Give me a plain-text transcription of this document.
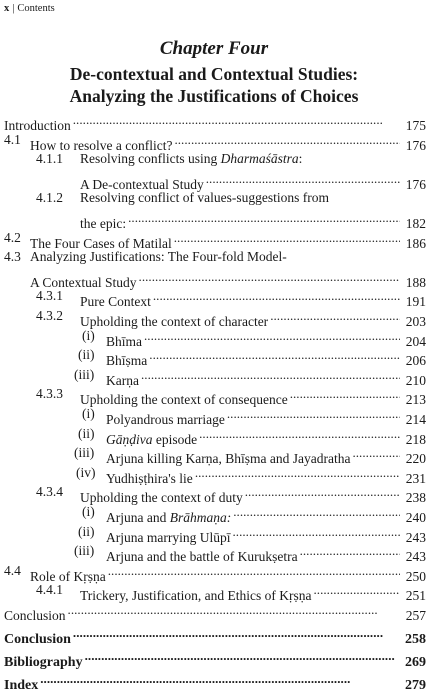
x | Contents
Chapter Four
De-contextual and Contextual Studies:
Analyzing the Justifications of Choices
Introduction . . .	175
4.1 How to resolve a conflict? . . .	176
4.1.1 Resolving conflicts using Dharmaśāstra:
A De-contextual Study . . .	176
4.1.2 Resolving conflict of values-suggestions from
the epic: . . .	182
4.2 The Four Cases of Matilal . . .	186
4.3 Analyzing Justifications: The Four-fold Model-
A Contextual Study . . .	188
4.3.1 Pure Context . . .	191
4.3.2 Upholding the context of character . . .	203
(i) Bhīma . . .	204
(ii) Bhīṣma . . .	206
(iii) Karṇa . . .	210
4.3.3 Upholding the context of consequence . . .	213
(i) Polyandrous marriage . . .	214
(ii) Gāṇḍiva episode . . .	218
(iii) Arjuna killing Karṇa, Bhīṣma and Jayadratha . . .	220
(iv) Yudhiṣṭhira's lie . . .	231
4.3.4 Upholding the context of duty . . .	238
(i) Arjuna and Brāhmaṇa: . . .	240
(ii) Arjuna marrying Ulūpī . . .	243
(iii) Arjuna and the battle of Kurukṣetra . . .	243
4.4 Role of Kṛṣṇa . . .	250
4.4.1 Trickery, Justification, and Ethics of Kṛṣṇa . . .	251
Conclusion . . .	257
Conclusion . . .	258
Bibliography . . .	269
Index . . .	279
